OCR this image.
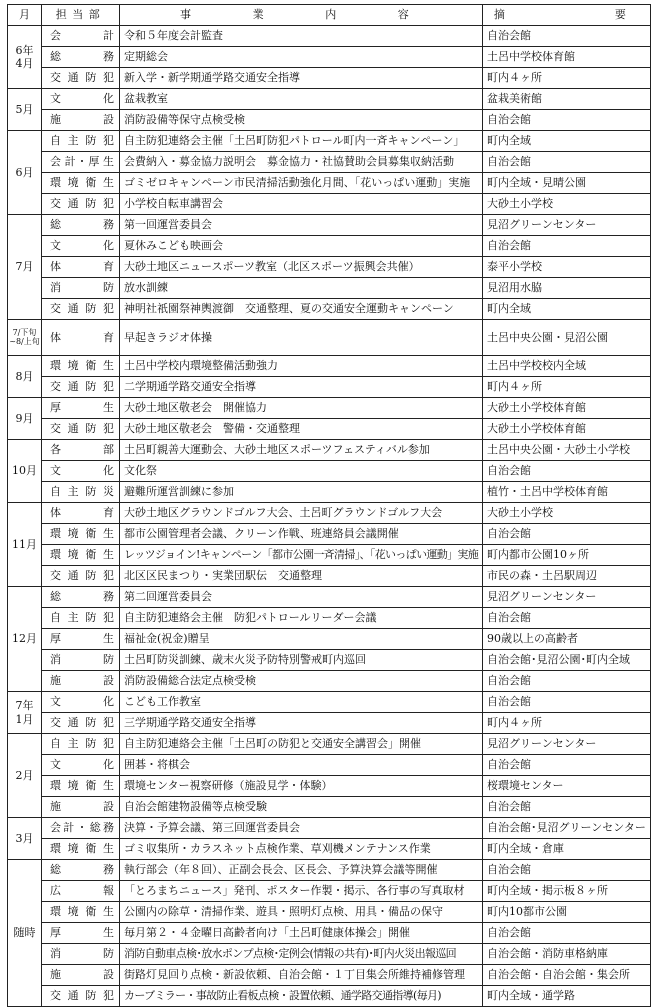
月	担当部	事　　業　　内　　容	摘　　　　要

6年
4月	会計	令和５年度会計監査	自治会館
	総務	定期総会	土呂中学校体育館
	交通防犯	新入学・新学期通学路交通安全指導	町内４ヶ所

5月	文化	盆栽教室	盆栽美術館
	施設	消防設備等保守点検受検	自治会館

6月	自主防犯	自主防犯連絡会主催「土呂町防犯パトロール町内一斉キャンペーン」	町内全域
	会計･厚生	会費納入・募金協力説明会　募金協力・社協賛助会員募集収納活動	自治会館
	環境衛生	ゴミゼロキャンペーン市民清掃活動強化月間、「花いっぱい運動」実施	町内全域・見晴公園
	交通防犯	小学校自転車講習会	大砂土小学校

7月	総務	第一回運営委員会	見沼グリーンセンター
	文化	夏休みこども映画会	自治会館
	体育	大砂土地区ニュースポーツ教室（北区スポーツ振興会共催）	泰平小学校
	消防	放水訓練	見沼用水脇
	交通防犯	神明社祇園祭神輿渡御　交通整理、夏の交通安全運動キャンペーン	町内全域

7/下旬
~8/上旬	体育	早起きラジオ体操	土呂中央公園・見沼公園

8月	環境衛生	土呂中学校内環境整備活動強力	土呂中学校校内全域
	交通防犯	二学期通学路交通安全指導	町内４ヶ所

9月	厚生	大砂土地区敬老会　開催協力	大砂土小学校体育館
	交通防犯	大砂土地区敬老会　警備・交通整理	大砂土小学校体育館

10月	各部	土呂町親善大運動会、大砂土地区スポーツフェスティバル参加	土呂中央公園・大砂土小学校
	文化	文化祭	自治会館
	自主防災	避難所運営訓練に参加	植竹・土呂中学校体育館

11月	体育	大砂土地区グラウンドゴルフ大会、土呂町グラウンドゴルフ大会	大砂土小学校
	環境衛生	都市公園管理者会議、クリーン作戦、班連絡員会議開催	自治会館
	環境衛生	レッツジョイン!キャンペーン「都市公園一斉清掃」、「花いっぱい運動」実施	町内都市公園10ヶ所
	交通防犯	北区区民まつり・実業団駅伝　交通整理	市民の森・土呂駅周辺

12月	総務	第二回運営委員会	見沼グリーンセンター
	自主防犯	自主防犯連絡会主催　防犯パトロールリーダー会議	自治会館
	厚生	福祉金(祝金)贈呈	90歳以上の高齢者
	消防	土呂町防災訓練、歳末火災予防特別警戒町内巡回	自治会館･見沼公園･町内全域
	施設	消防設備総合法定点検受検	自治会館

7年
1月	文化	こども工作教室	自治会館
	交通防犯	三学期通学路交通安全指導	町内４ヶ所

2月	自主防犯	自主防犯連絡会主催「土呂町の防犯と交通安全講習会」開催	見沼グリーンセンター
	文化	囲碁・将棋会	自治会館
	環境衛生	環境センター視察研修（施設見学・体験）	桜環境センター
	施設	自治会館建物設備等点検受験	自治会館

3月	会計・総務	決算・予算会議、第三回運営委員会	自治会館･見沼グリーンセンター
	環境衛生	ゴミ収集所・カラスネット点検作業、草刈機メンテナンス作業	町内全域・倉庫

随時	総務	執行部会（年８回）、正副会長会、区長会、予算決算会議等開催	自治会館
	広報	「とろまちニュース」発刊、ポスター作製・掲示、各行事の写真取材	町内全域・掲示板８ヶ所
	環境衛生	公園内の除草・清掃作業、遊具・照明灯点検、用具・備品の保守	町内10都市公園
	厚生	毎月第２・４金曜日高齢者向け「土呂町健康体操会」開催	自治会館
	消防	消防自動車点検･放水ポンプ点検･定例会(情報の共有)･町内火災出報巡回	自治会館・消防車格納庫
	施設	街路灯見回り点検・新設依頼、自治会館・１丁目集会所維持補修管理	自治会館・自治会館・集会所
	交通防犯	カーブミラー・事故防止看板点検・設置依頼、通学路交通指導(毎月)	町内全域・通学路
